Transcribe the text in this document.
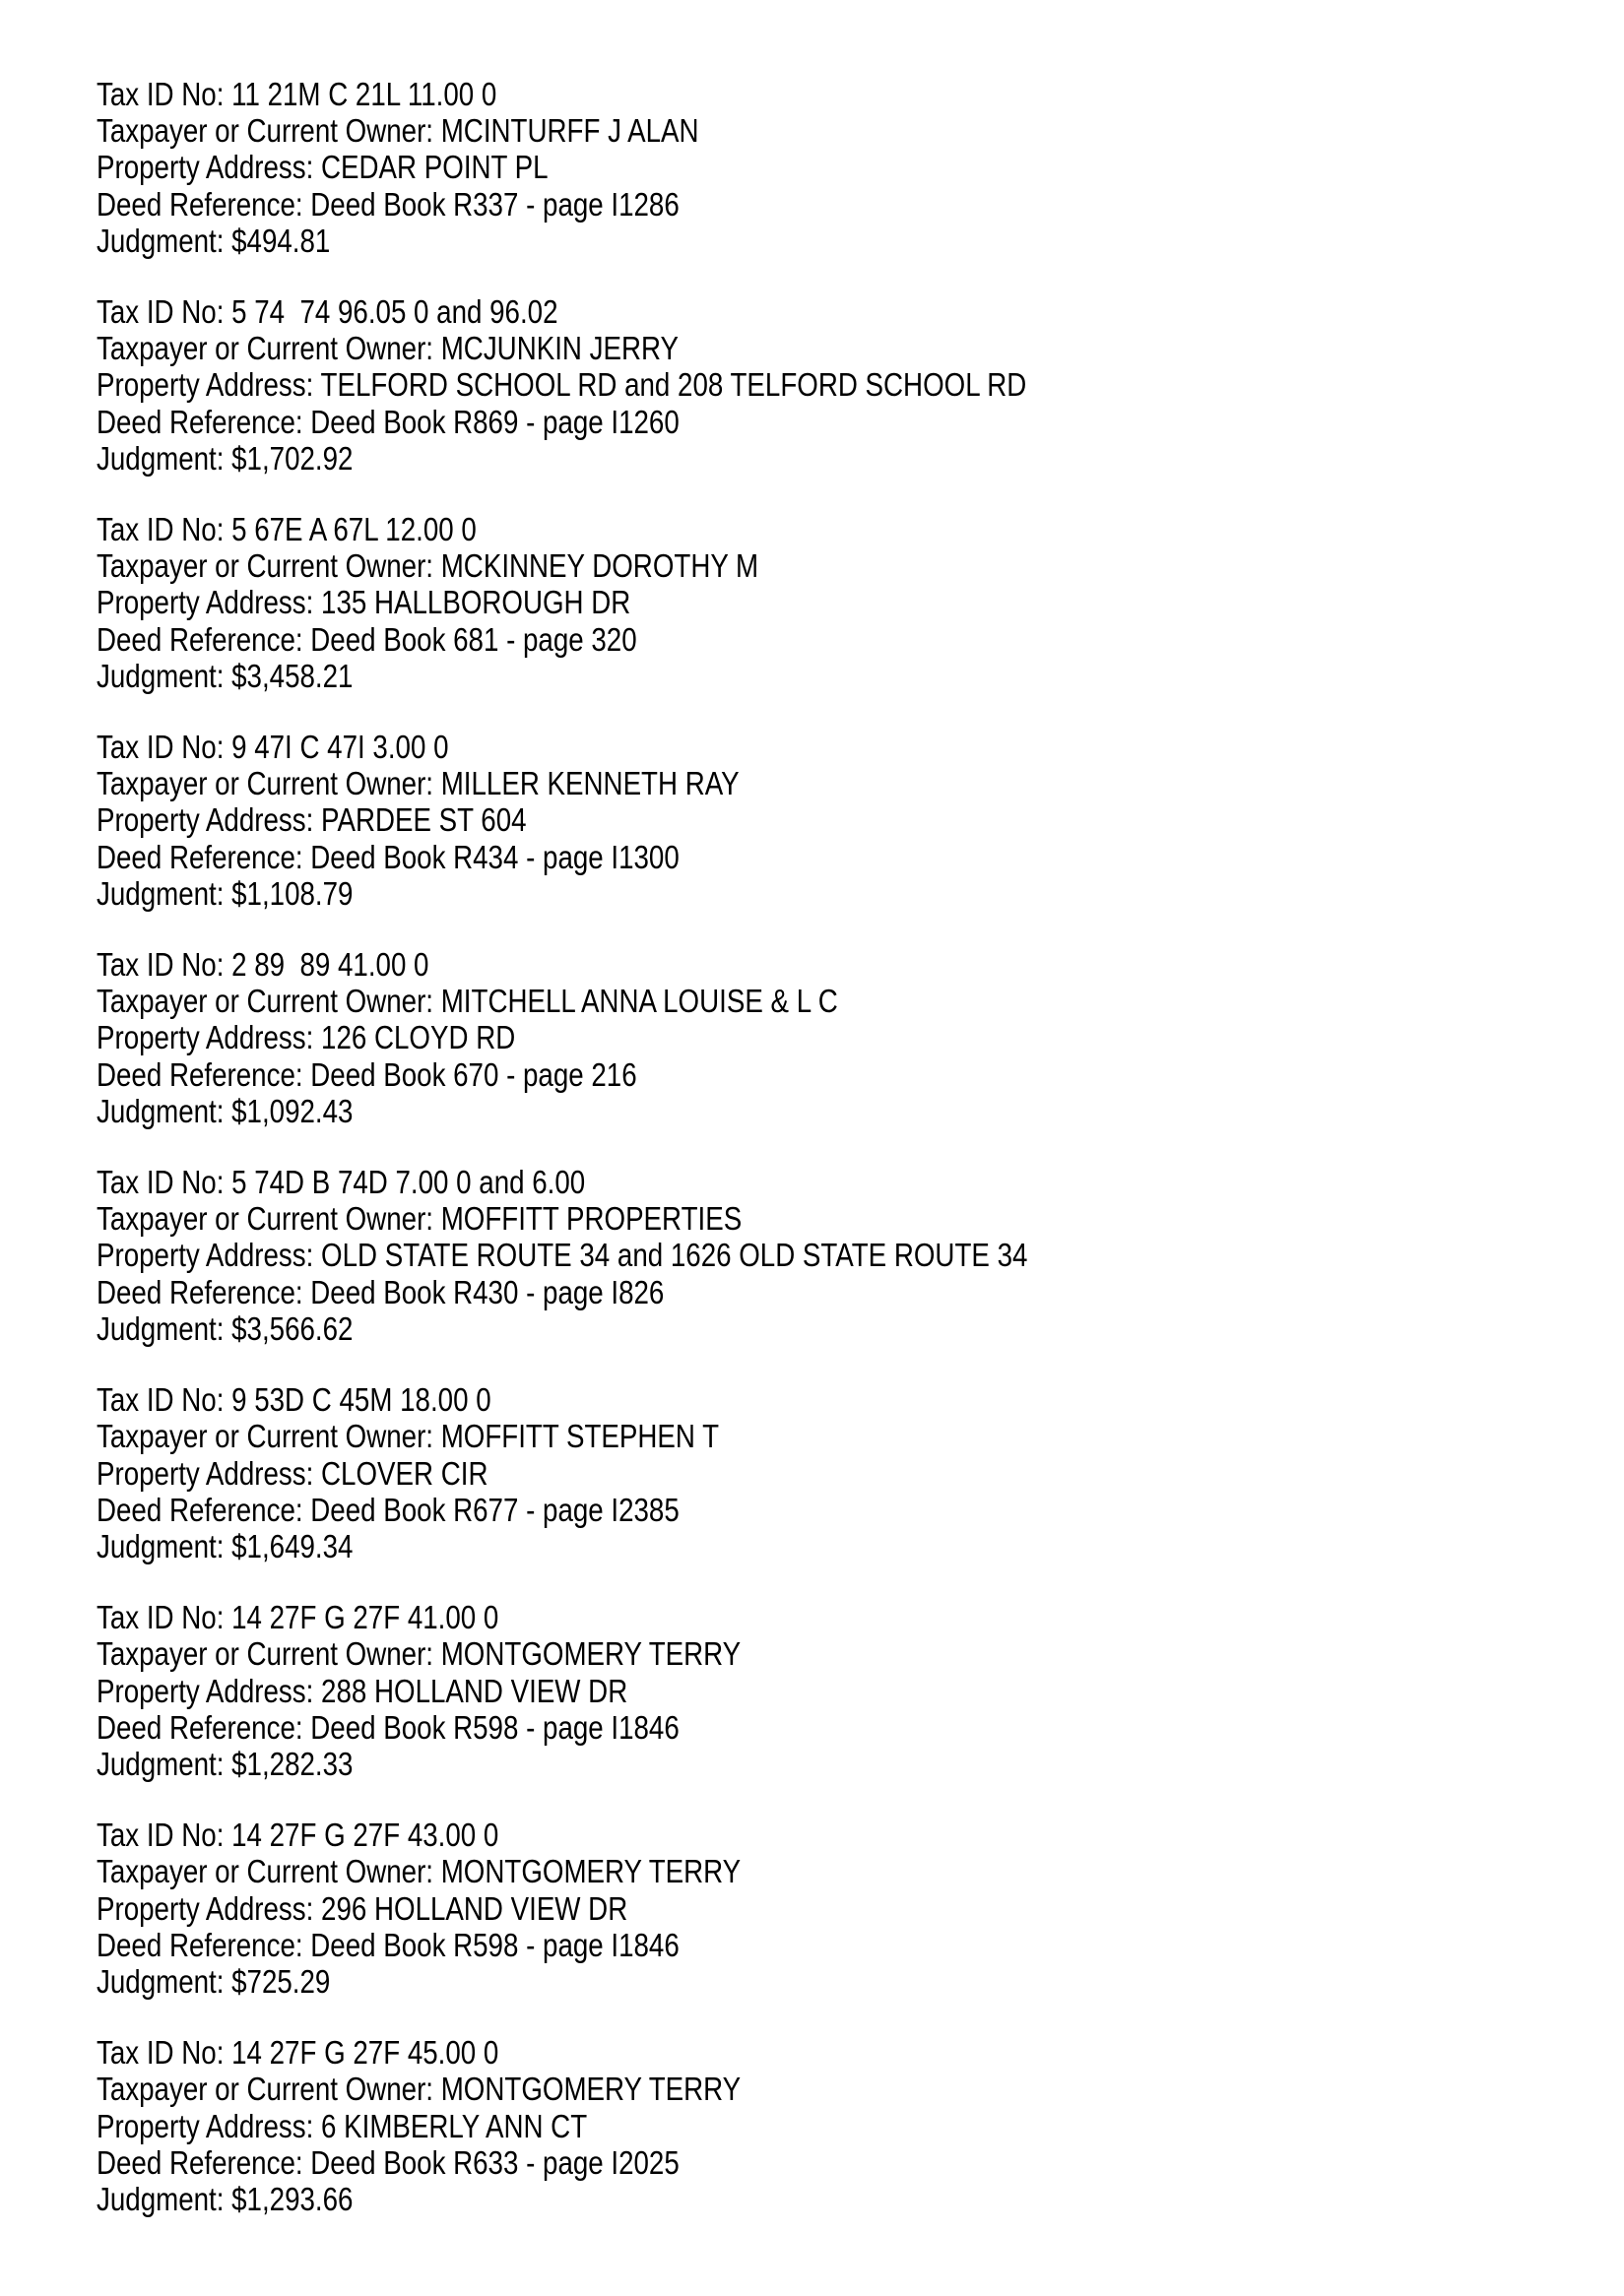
Tax ID No: 11 21M C 21L 11.00 0
Taxpayer or Current Owner: MCINTURFF J ALAN
Property Address: CEDAR POINT PL
Deed Reference: Deed Book R337 - page I1286
Judgment: $494.81
Tax ID No: 5 74  74 96.05 0 and 96.02
Taxpayer or Current Owner: MCJUNKIN JERRY
Property Address: TELFORD SCHOOL RD and 208 TELFORD SCHOOL RD
Deed Reference: Deed Book R869 - page I1260
Judgment: $1,702.92
Tax ID No: 5 67E A 67L 12.00 0
Taxpayer or Current Owner: MCKINNEY DOROTHY M
Property Address: 135 HALLBOROUGH DR
Deed Reference: Deed Book 681 - page 320
Judgment: $3,458.21
Tax ID No: 9 47I C 47I 3.00 0
Taxpayer or Current Owner: MILLER KENNETH RAY
Property Address: PARDEE ST 604
Deed Reference: Deed Book R434 - page I1300
Judgment: $1,108.79
Tax ID No: 2 89  89 41.00 0
Taxpayer or Current Owner: MITCHELL ANNA LOUISE & L C
Property Address: 126 CLOYD RD
Deed Reference: Deed Book 670 - page 216
Judgment: $1,092.43
Tax ID No: 5 74D B 74D 7.00 0 and 6.00
Taxpayer or Current Owner: MOFFITT PROPERTIES
Property Address: OLD STATE ROUTE 34 and 1626 OLD STATE ROUTE 34
Deed Reference: Deed Book R430 - page I826
Judgment: $3,566.62
Tax ID No: 9 53D C 45M 18.00 0
Taxpayer or Current Owner: MOFFITT STEPHEN T
Property Address: CLOVER CIR
Deed Reference: Deed Book R677 - page I2385
Judgment: $1,649.34
Tax ID No: 14 27F G 27F 41.00 0
Taxpayer or Current Owner: MONTGOMERY TERRY
Property Address: 288 HOLLAND VIEW DR
Deed Reference: Deed Book R598 - page I1846
Judgment: $1,282.33
Tax ID No: 14 27F G 27F 43.00 0
Taxpayer or Current Owner: MONTGOMERY TERRY
Property Address: 296 HOLLAND VIEW DR
Deed Reference: Deed Book R598 - page I1846
Judgment: $725.29
Tax ID No: 14 27F G 27F 45.00 0
Taxpayer or Current Owner: MONTGOMERY TERRY
Property Address: 6 KIMBERLY ANN CT
Deed Reference: Deed Book R633 - page I2025
Judgment: $1,293.66
